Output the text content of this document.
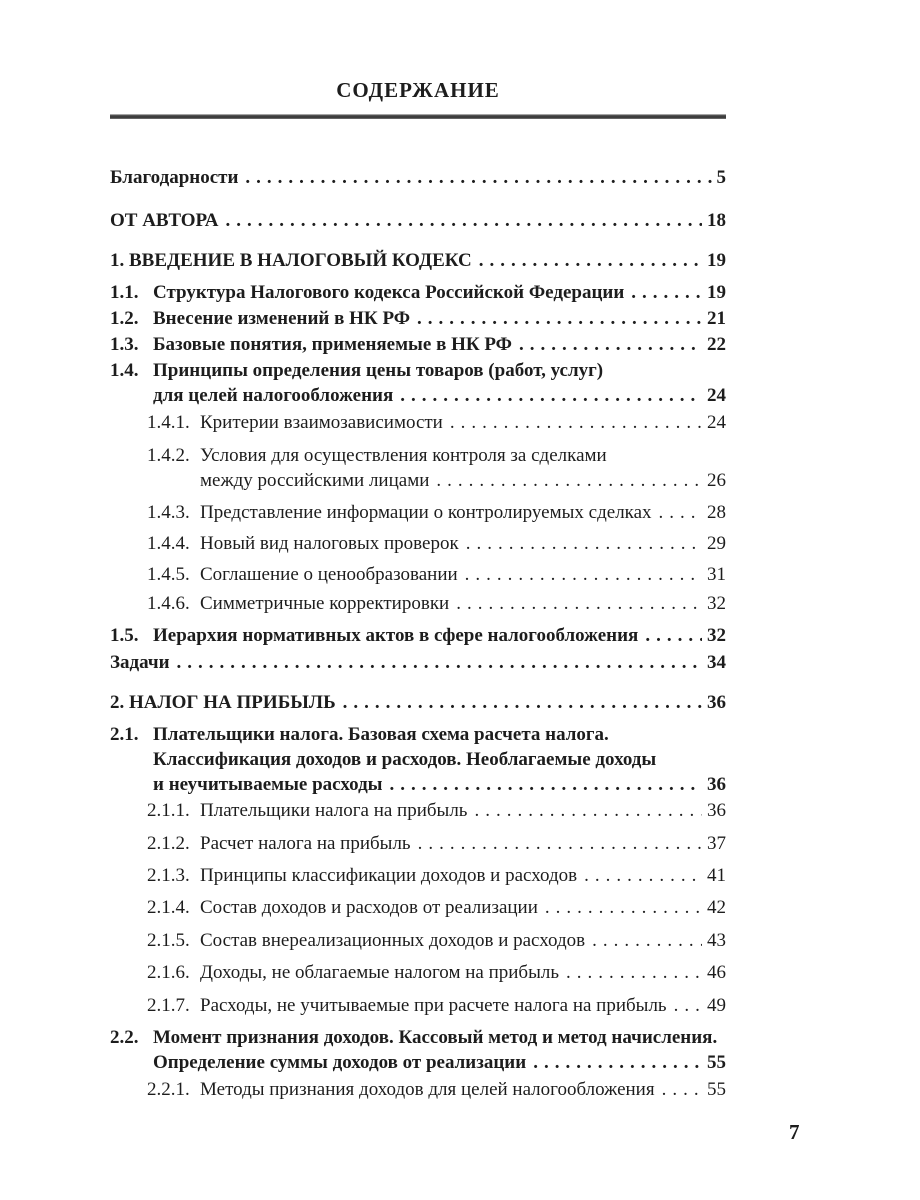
СОДЕРЖАНИЕ
Благодарности .....	5
ОТ АВТОРА .....	18
1. ВВЕДЕНИЕ В НАЛОГОВЫЙ КОДЕКС .....	19
1.1. Структура Налогового кодекса Российской Федерации .....	19
1.2. Внесение изменений в НК РФ .....	21
1.3. Базовые понятия, применяемые в НК РФ .....	22
1.4. Принципы определения цены товаров (работ, услуг)
для целей налогообложения .....	24
1.4.1. Критерии взаимозависимости .....	24
1.4.2. Условия для осуществления контроля за сделками
между российскими лицами .....	26
1.4.3. Представление информации о контролируемых сделках .....	28
1.4.4. Новый вид налоговых проверок .....	29
1.4.5. Соглашение о ценообразовании .....	31
1.4.6. Симметричные корректировки .....	32
1.5. Иерархия нормативных актов в сфере налогообложения .....	32
Задачи .....	34
2. НАЛОГ НА ПРИБЫЛЬ .....	36
2.1. Плательщики налога. Базовая схема расчета налога.
Классификация доходов и расходов. Необлагаемые доходы
и неучитываемые расходы .....	36
2.1.1. Плательщики налога на прибыль .....	36
2.1.2. Расчет налога на прибыль .....	37
2.1.3. Принципы классификации доходов и расходов .....	41
2.1.4. Состав доходов и расходов от реализации .....	42
2.1.5. Состав внереализационных доходов и расходов .....	43
2.1.6. Доходы, не облагаемые налогом на прибыль .....	46
2.1.7. Расходы, не учитываемые при расчете налога на прибыль ..... 49
2.2. Момент признания доходов. Кассовый метод и метод начисления.
Определение суммы доходов от реализации .....	55
2.2.1. Методы признания доходов для целей налогообложения .....	55
7
